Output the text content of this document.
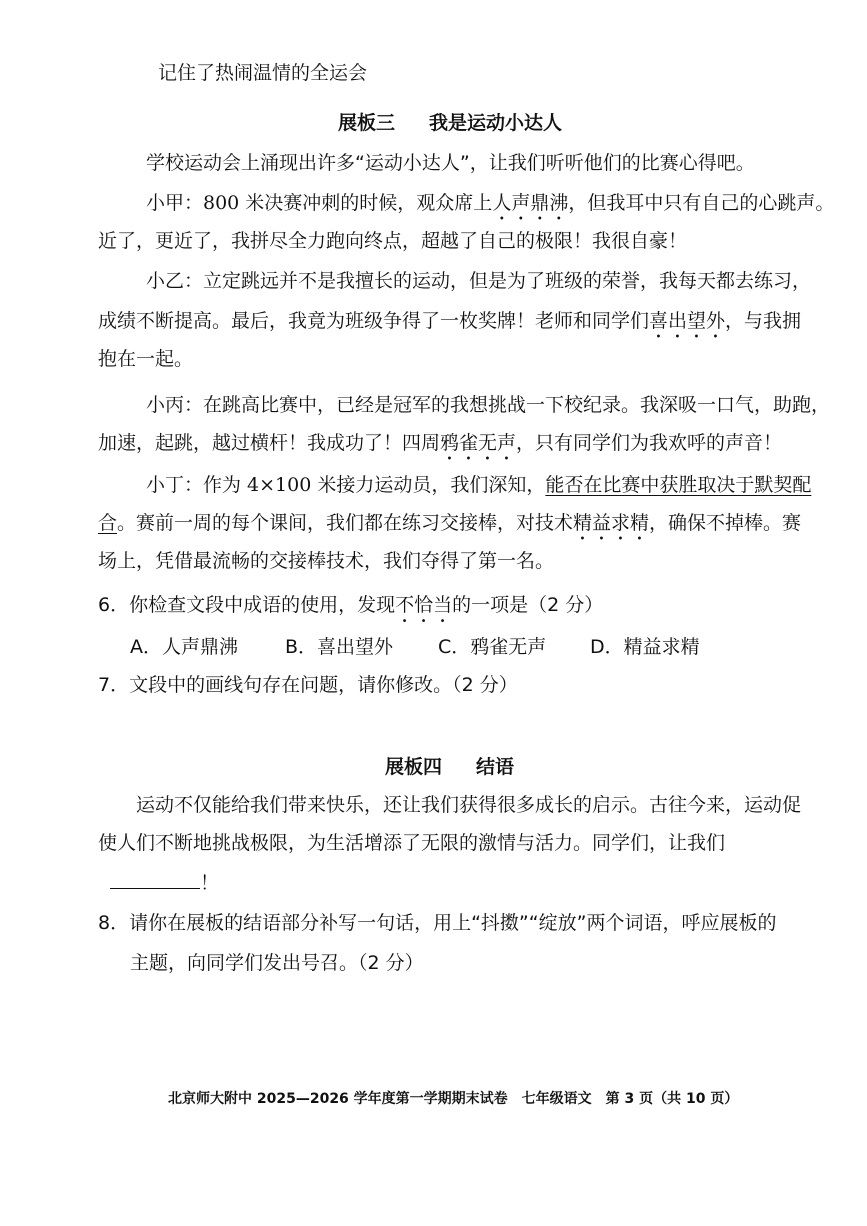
记住了热闹温情的全运会
展板三 我是运动小达人
学校运动会上涌现出许多“运动小达人”，让我们听听他们的比赛心得吧。
小甲：800 米决赛冲刺的时候，观众席上人声鼎沸，但我耳中只有自己的心跳声。
近了，更近了，我拼尽全力跑向终点，超越了自己的极限！我很自豪！
小乙：立定跳远并不是我擅长的运动，但是为了班级的荣誉，我每天都去练习，
成绩不断提高。最后，我竟为班级争得了一枚奖牌！老师和同学们喜出望外，与我拥
抱在一起。
小丙：在跳高比赛中，已经是冠军的我想挑战一下校纪录。我深吸一口气，助跑，
加速，起跳，越过横杆！我成功了！四周鸦雀无声，只有同学们为我欢呼的声音！
小丁：作为 4×100 米接力运动员，我们深知，能否在比赛中获胜取决于默契配
合。赛前一周的每个课间，我们都在练习交接棒，对技术精益求精，确保不掉棒。赛
场上，凭借最流畅的交接棒技术，我们夺得了第一名。
6．你检查文段中成语的使用，发现不恰当的一项是（2 分）
A．人声鼎沸 B．喜出望外 C．鸦雀无声 D．精益求精
7．文段中的画线句存在问题，请你修改。（2 分）
展板四 结语
运动不仅能给我们带来快乐，还让我们获得很多成长的启示。古往今来，运动促
使人们不断地挑战极限，为生活增添了无限的激情与活力。同学们，让我们
！
8．请你在展板的结语部分补写一句话，用上“抖擞”“绽放”两个词语，呼应展板的
主题，向同学们发出号召。（2 分）
北京师大附中 2025—2026 学年度第一学期期末试卷　七年级语文　第 3 页（共 10 页）
